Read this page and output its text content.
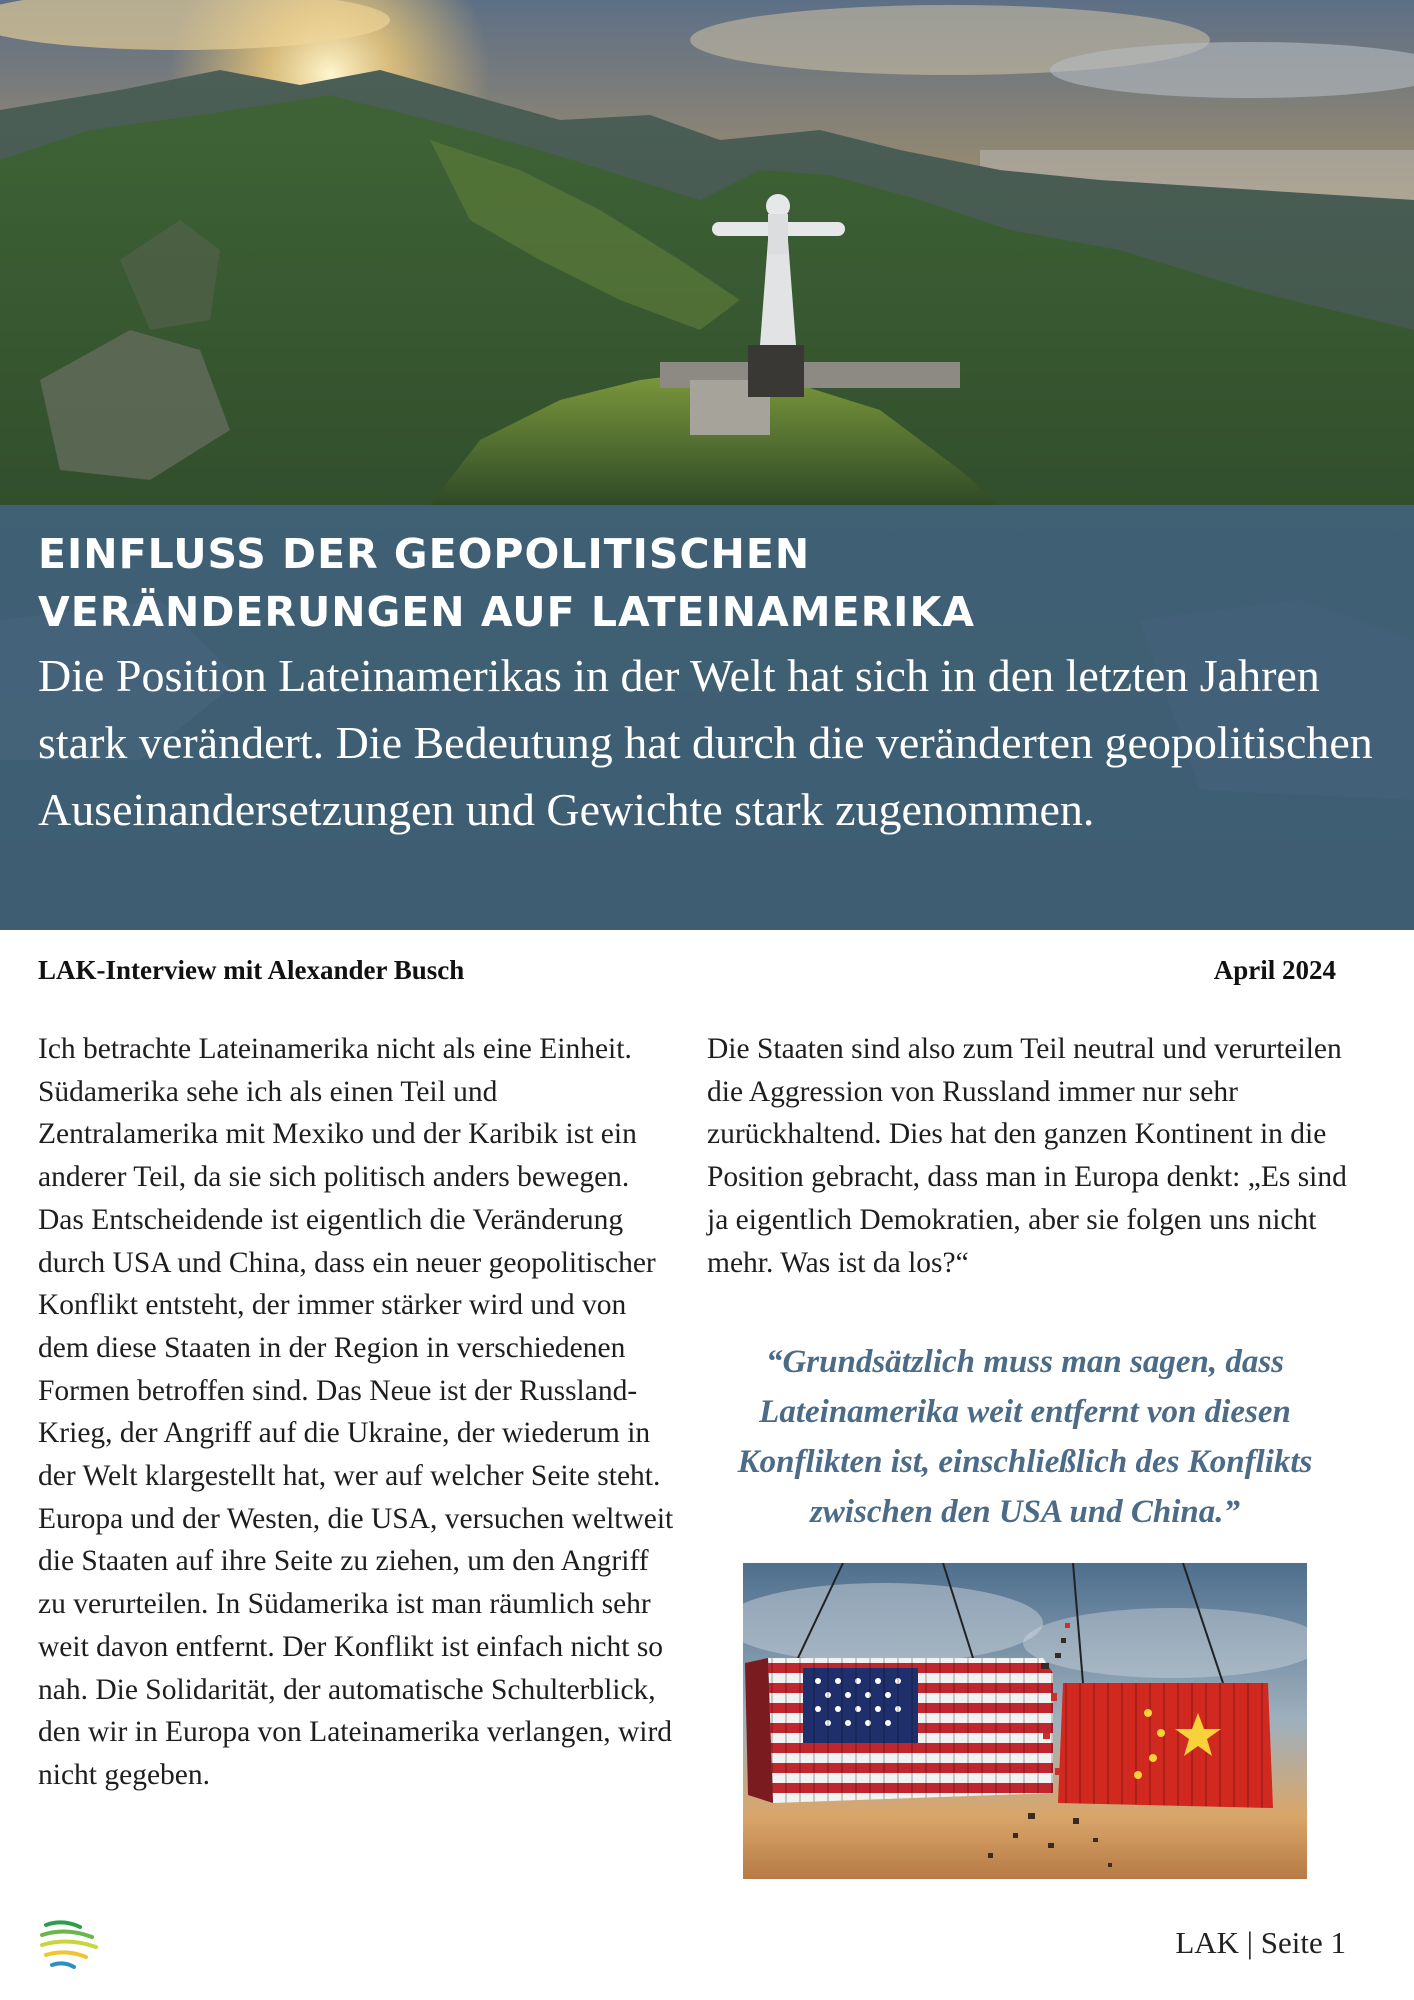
EINFLUSS DER GEOPOLITISCHEN
VERÄNDERUNGEN AUF LATEINAMERIKA

Die Position Lateinamerikas in der Welt hat sich in den letzten Jahren stark verändert. Die Bedeutung hat durch die veränderten geopolitischen Auseinandersetzungen und Gewichte stark zugenommen.

LAK-Interview mit Alexander Busch	April 2024

Ich betrachte Lateinamerika nicht als eine Einheit. Südamerika sehe ich als einen Teil und Zentralamerika mit Mexiko und der Karibik ist ein anderer Teil, da sie sich politisch anders bewegen. Das Entscheidende ist eigentlich die Veränderung durch USA und China, dass ein neuer geopolitischer Konflikt entsteht, der immer stärker wird und von dem diese Staaten in der Region in verschiedenen Formen betroffen sind. Das Neue ist der Russland-Krieg, der Angriff auf die Ukraine, der wiederum in der Welt klargestellt hat, wer auf welcher Seite steht. Europa und der Westen, die USA, versuchen weltweit die Staaten auf ihre Seite zu ziehen, um den Angriff zu verurteilen. In Südamerika ist man räumlich sehr weit davon entfernt. Der Konflikt ist einfach nicht so nah. Die Solidarität, der automatische Schulterblick, den wir in Europa von Lateinamerika verlangen, wird nicht gegeben.

Die Staaten sind also zum Teil neutral und verurteilen die Aggression von Russland immer nur sehr zurückhaltend. Dies hat den ganzen Kontinent in die Position gebracht, dass man in Europa denkt: „Es sind ja eigentlich Demokratien, aber sie folgen uns nicht mehr. Was ist da los?“

“Grundsätzlich muss man sagen, dass Lateinamerika weit entfernt von diesen Konflikten ist, einschließlich des Konflikts zwischen den USA und China.”

LAK | Seite 1
